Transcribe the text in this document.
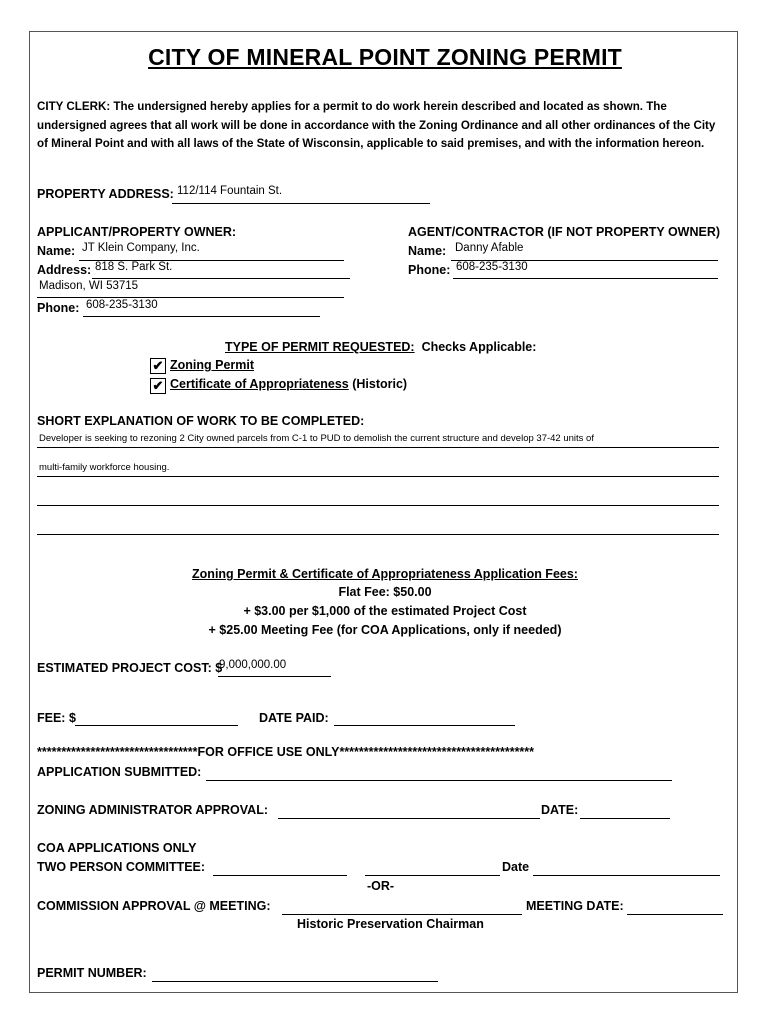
CITY OF MINERAL POINT ZONING PERMIT
CITY CLERK: The undersigned hereby applies for a permit to do work herein described and located as shown. The undersigned agrees that all work will be done in accordance with the Zoning Ordinance and all other ordinances of the City of Mineral Point and with all laws of the State of Wisconsin, applicable to said premises, and with the information hereon.
PROPERTY ADDRESS: 112/114 Fountain St.
APPLICANT/PROPERTY OWNER:
Name: JT Klein Company, Inc.
Address: 818 S. Park St.
Madison, WI 53715
Phone: 608-235-3130
AGENT/CONTRACTOR (IF NOT PROPERTY OWNER)
Name: Danny Afable
Phone: 608-235-3130
TYPE OF PERMIT REQUESTED: Checks Applicable:
✔ Zoning Permit
✔ Certificate of Appropriateness (Historic)
SHORT EXPLANATION OF WORK TO BE COMPLETED:
Developer is seeking to rezoning 2 City owned parcels from C-1 to PUD to demolish the current structure and develop 37-42 units of
multi-family workforce housing.
Zoning Permit & Certificate of Appropriateness Application Fees:
Flat Fee: $50.00
+ $3.00 per $1,000 of the estimated Project Cost
+ $25.00 Meeting Fee (for COA Applications, only if needed)
ESTIMATED PROJECT COST: $
9,000,000.00
FEE: $	DATE PAID:
*********************************FOR OFFICE USE ONLY****************************************
APPLICATION SUBMITTED:
ZONING ADMINISTRATOR APPROVAL:	DATE:
COA APPLICATIONS ONLY
TWO PERSON COMMITTEE:	Date
-OR-
COMMISSION APPROVAL @ MEETING:	MEETING DATE:
Historic Preservation Chairman
PERMIT NUMBER:
